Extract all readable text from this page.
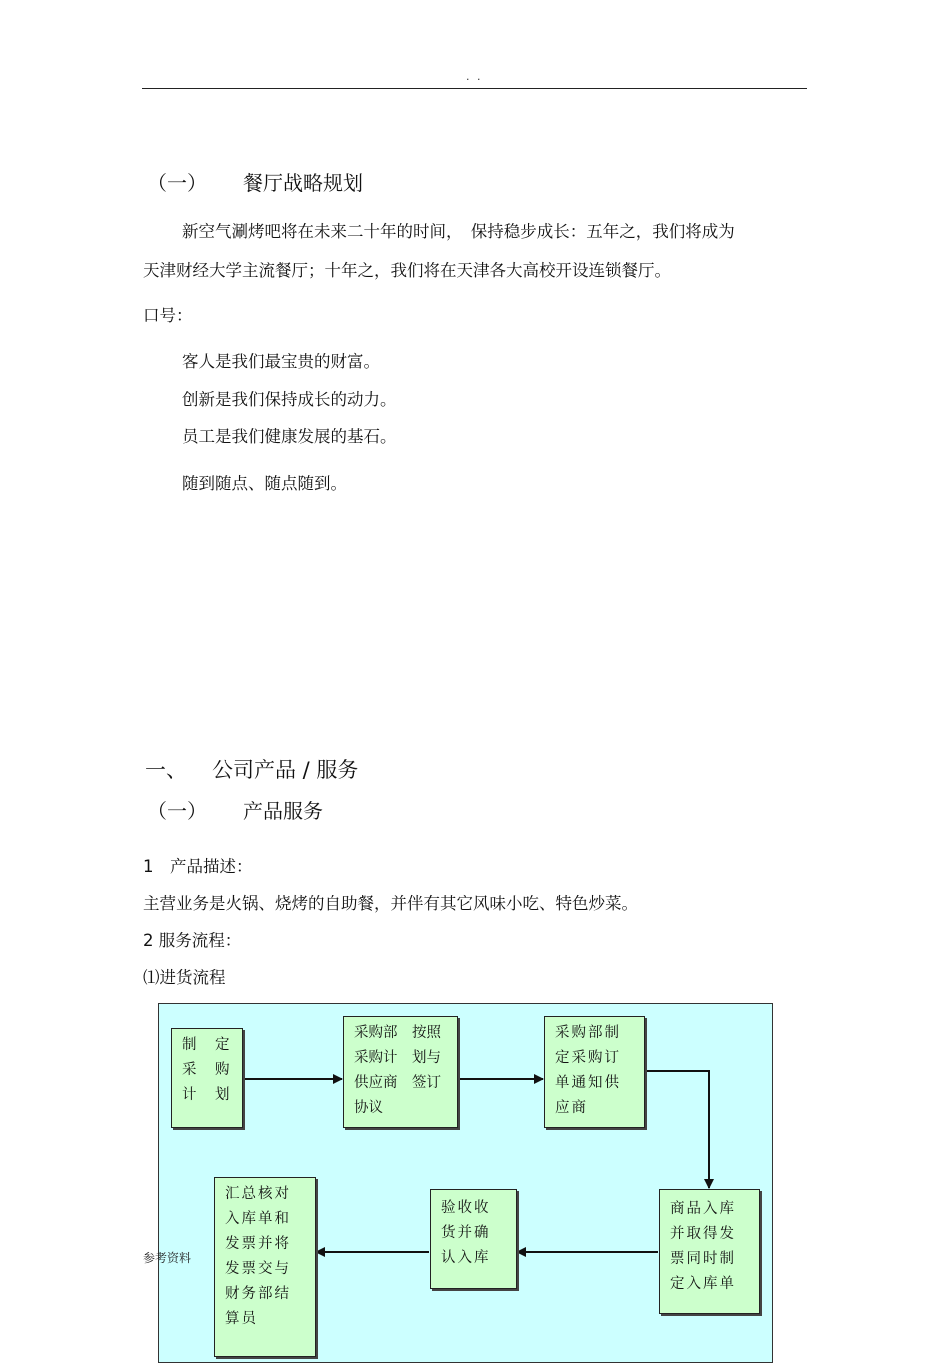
. .
（一） 餐厅战略规划
新空气涮烤吧将在未来二十年的时间，　保持稳步成长：五年之，我们将成为
天津财经大学主流餐厅；十年之，我们将在天津各大高校开设连锁餐厅。
口号：
客人是我们最宝贵的财富。
创新是我们保持成长的动力。
员工是我们健康发展的基石。
随到随点、随点随到。
一、 公司产品 / 服务
（一） 产品服务
1　产品描述：
主营业务是火锅、烧烤的自助餐，并伴有其它风味小吃、特色炒菜。
2 服务流程：
⑴进货流程
制　定
采　购
计　划
采购部　按照
采购计　划与
供应商　签订
协议
采购部制
定采购订
单通知供
应商
商品入库
并取得发
票同时制
定入库单
验收收
货并确
认入库
汇总核对
入库单和
发票并将
发票交与
财务部结
算员
参考资料
